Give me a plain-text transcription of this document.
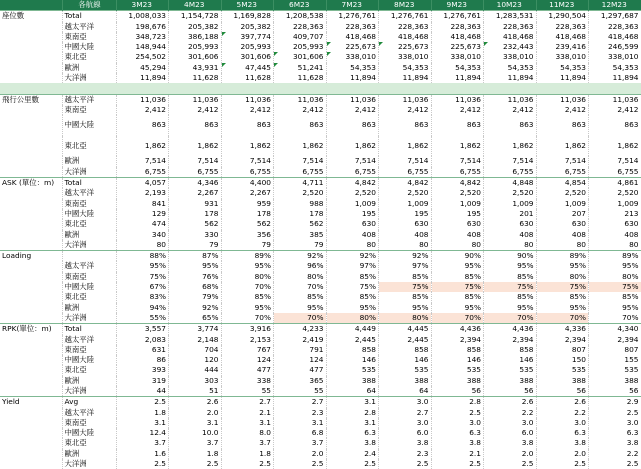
	各航線	3M23	4M23	5M23	6M23	7M23	8M23	9M23	10M23	11M23	12M23
座位數	Total	1,008,033	1,154,728	1,169,828	1,208,538	1,276,761	1,276,761	1,276,761	1,283,531	1,290,504	1,297,687
	越太平洋	198,676	205,382	205,382	228,363	228,363	228,363	228,363	228,363	228,363	228,363
	東南亞	348,723	386,188	397,774	409,707	418,468	418,468	418,468	418,468	418,468	418,468
	中國大陸	148,944	205,993	205,993	205,993	225,673	225,673	225,673	232,443	239,416	246,599
	東北亞	254,502	301,606	301,606	301,606	338,010	338,010	338,010	338,010	338,010	338,010
	歐洲	45,294	43,931	47,445	51,241	54,353	54,353	54,353	54,353	54,353	54,353
	大洋洲	11,894	11,628	11,628	11,628	11,894	11,894	11,894	11,894	11,894	11,894

飛行公里數	越太平洋	11,036	11,036	11,036	11,036	11,036	11,036	11,036	11,036	11,036	11,036
	東南亞	2,412	2,412	2,412	2,412	2,412	2,412	2,412	2,412	2,412	2,412
	中國大陸	863	863	863	863	863	863	863	863	863	863
	東北亞	1,862	1,862	1,862	1,862	1,862	1,862	1,862	1,862	1,862	1,862
	歐洲	7,514	7,514	7,514	7,514	7,514	7,514	7,514	7,514	7,514	7,514
	大洋洲	6,755	6,755	6,755	6,755	6,755	6,755	6,755	6,755	6,755	6,755
ASK (單位：m)	Total	4,057	4,346	4,400	4,711	4,842	4,842	4,842	4,848	4,854	4,861
	越太平洋	2,193	2,267	2,267	2,520	2,520	2,520	2,520	2,520	2,520	2,520
	東南亞	841	931	959	988	1,009	1,009	1,009	1,009	1,009	1,009
	中國大陸	129	178	178	178	195	195	195	201	207	213
	東北亞	474	562	562	562	630	630	630	630	630	630
	歐洲	340	330	356	385	408	408	408	408	408	408
	大洋洲	80	79	79	79	80	80	80	80	80	80
Loading		88%	87%	89%	92%	92%	92%	90%	90%	89%	89%
	越太平洋	95%	95%	95%	96%	97%	97%	95%	95%	95%	95%
	東南亞	75%	76%	80%	80%	85%	85%	85%	85%	80%	80%
	中國大陸	67%	68%	70%	70%	75%	75%	75%	75%	75%	75%
	東北亞	83%	79%	85%	85%	85%	85%	85%	85%	85%	85%
	歐洲	94%	92%	95%	95%	95%	95%	95%	95%	95%	95%
	大洋洲	55%	65%	70%	70%	80%	80%	70%	70%	70%	70%
RPK(單位：m)	Total	3,557	3,774	3,916	4,233	4,449	4,445	4,436	4,436	4,336	4,340
	越太平洋	2,083	2,148	2,153	2,419	2,445	2,445	2,394	2,394	2,394	2,394
	東南亞	631	704	767	791	858	858	858	858	807	807
	中國大陸	86	120	124	124	146	146	146	146	150	155
	東北亞	393	444	477	477	535	535	535	535	535	535
	歐洲	319	303	338	365	388	388	388	388	388	388
	大洋洲	44	51	55	55	64	64	56	56	56	56
Yield	Avg	2.5	2.6	2.7	2.7	3.1	3.0	2.8	2.6	2.6	2.9
	越太平洋	1.8	2.0	2.1	2.3	2.8	2.7	2.5	2.2	2.2	2.5
	東南亞	3.1	3.1	3.1	3.1	3.1	3.0	3.0	3.0	3.0	3.0
	中國大陸	12.4	10.0	8.0	6.8	6.3	6.0	6.3	6.0	6.3	6.3
	東北亞	3.7	3.7	3.7	3.7	3.8	3.8	3.8	3.8	3.8	3.8
	歐洲	1.6	1.8	1.8	2.0	2.4	2.3	2.1	2.0	2.0	2.2
	大洋洲	2.5	2.5	2.5	2.5	2.5	2.5	2.5	2.5	2.5	2.5
